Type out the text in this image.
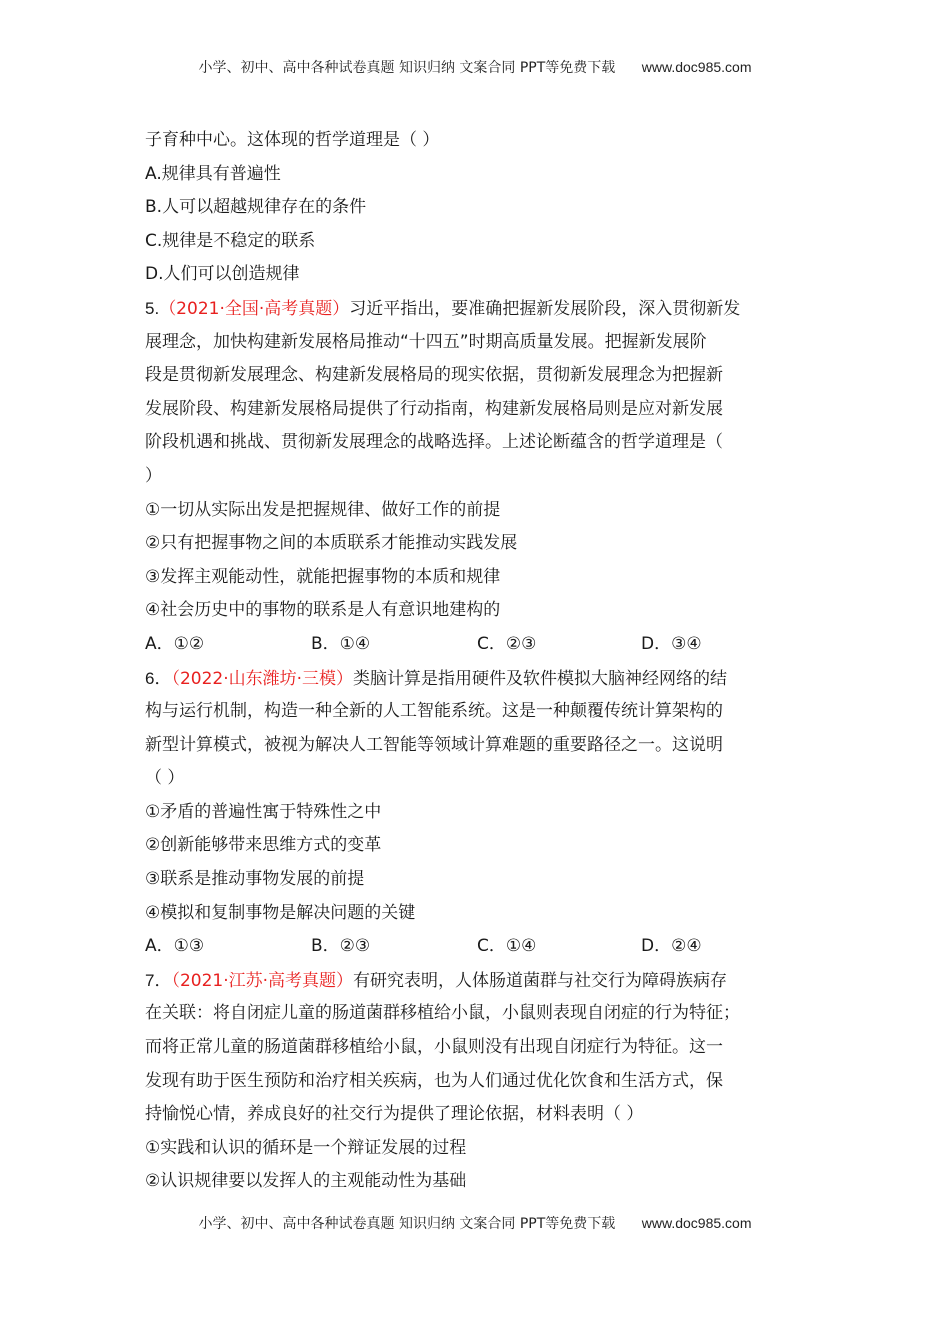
小学、初中、高中各种试卷真题 知识归纳 文案合同 PPT等免费下载 www.doc985.com
子育种中心。这体现的哲学道理是（ ）
A.规律具有普遍性
B.人可以超越规律存在的条件
C.规律是不稳定的联系
D.人们可以创造规律
5.（2021·全国·高考真题）习近平指出，要准确把握新发展阶段，深入贯彻新发
展理念，加快构建新发展格局推动“十四五”时期高质量发展。把握新发展阶
段是贯彻新发展理念、构建新发展格局的现实依据，贯彻新发展理念为把握新
发展阶段、构建新发展格局提供了行动指南，构建新发展格局则是应对新发展
阶段机遇和挑战、贯彻新发展理念的战略选择。上述论断蕴含的哲学道理是（
）
①一切从实际出发是把握规律、做好工作的前提
②只有把握事物之间的本质联系才能推动实践发展
③发挥主观能动性，就能把握事物的本质和规律
④社会历史中的事物的联系是人有意识地建构的
A．①②	B．①④	C．②③	D．③④
6．（2022·山东潍坊·三模）类脑计算是指用硬件及软件模拟大脑神经网络的结
构与运行机制，构造一种全新的人工智能系统。这是一种颠覆传统计算架构的
新型计算模式，被视为解决人工智能等领域计算难题的重要路径之一。这说明
（ ）
①矛盾的普遍性寓于特殊性之中
②创新能够带来思维方式的变革
③联系是推动事物发展的前提
④模拟和复制事物是解决问题的关键
A．①③	B．②③	C．①④	D．②④
7．（2021·江苏·高考真题）有研究表明，人体肠道菌群与社交行为障碍族病存
在关联：将自闭症儿童的肠道菌群移植给小鼠，小鼠则表现自闭症的行为特征；
而将正常儿童的肠道菌群移植给小鼠，小鼠则没有出现自闭症行为特征。这一
发现有助于医生预防和治疗相关疾病，也为人们通过优化饮食和生活方式，保
持愉悦心情，养成良好的社交行为提供了理论依据，材料表明（ ）
①实践和认识的循环是一个辩证发展的过程
②认识规律要以发挥人的主观能动性为基础
小学、初中、高中各种试卷真题 知识归纳 文案合同 PPT等免费下载 www.doc985.com
